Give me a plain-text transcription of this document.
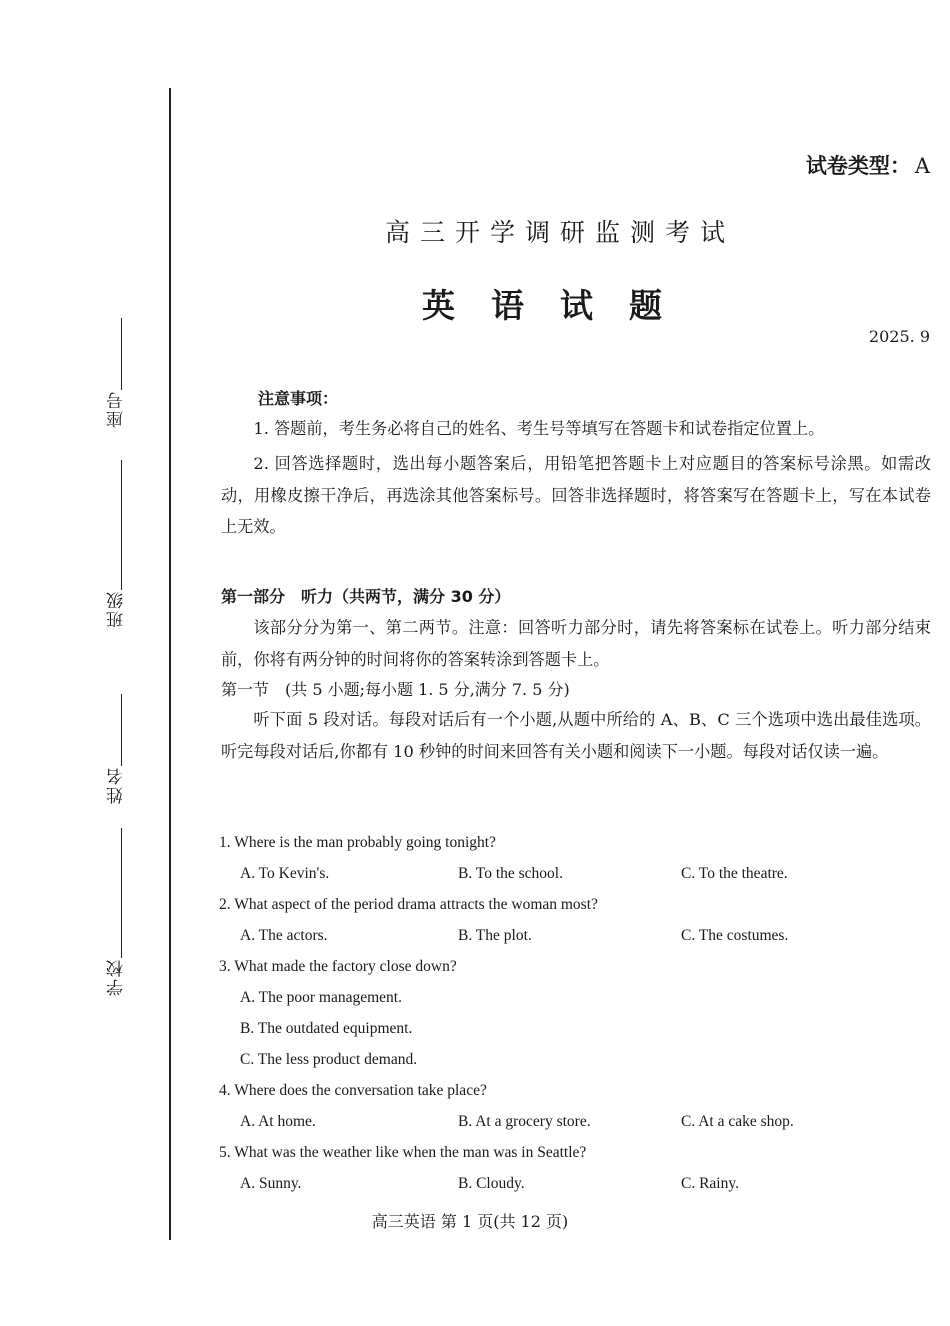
座号
班级
姓名
学校
试卷类型： A
高三开学调研监测考试
英语试题
2025. 9
注意事项：
1. 答题前，考生务必将自己的姓名、考生号等填写在答题卡和试卷指定位置上。
2. 回答选择题时，选出每小题答案后，用铅笔把答题卡上对应题目的答案标号涂黑。如需改动，用橡皮擦干净后，再选涂其他答案标号。回答非选择题时，将答案写在答题卡上，写在本试卷上无效。
第一部分　听力（共两节，满分 30 分）
该部分分为第一、第二两节。注意：回答听力部分时，请先将答案标在试卷上。听力部分结束前，你将有两分钟的时间将你的答案转涂到答题卡上。
第一节　(共 5 小题;每小题 1. 5 分,满分 7. 5 分)
听下面 5 段对话。每段对话后有一个小题,从题中所给的 A、B、C 三个选项中选出最佳选项。听完每段对话后,你都有 10 秒钟的时间来回答有关小题和阅读下一小题。每段对话仅读一遍。
1. Where is the man probably going tonight?
A. To Kevin's.	B. To the school.	C. To the theatre.
2. What aspect of the period drama attracts the woman most?
A. The actors.	B. The plot.	C. The costumes.
3. What made the factory close down?
A. The poor management.
B. The outdated equipment.
C. The less product demand.
4. Where does the conversation take place?
A. At home.	B. At a grocery store.	C. At a cake shop.
5. What was the weather like when the man was in Seattle?
A. Sunny.	B. Cloudy.	C. Rainy.
高三英语 第 1 页(共 12 页)
